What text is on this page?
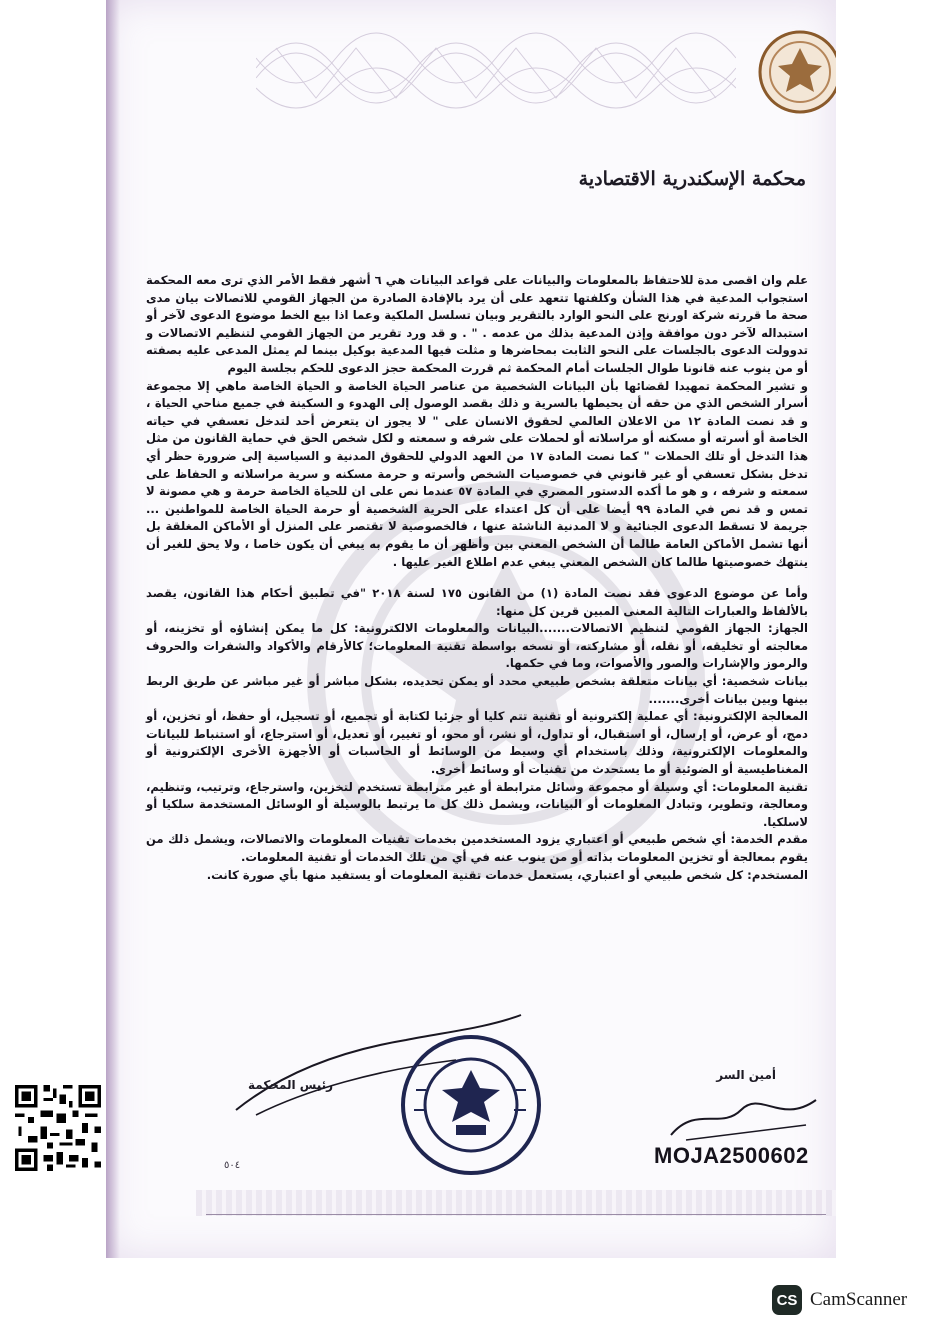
محكمة الإسكندرية الاقتصادية

علم وان اقصى مدة للاحتفاظ بالمعلومات والبيانات على قواعد البيانات هي ٦ أشهر فقط الأمر الذي ترى معه المحكمة استجواب المدعية في هذا الشأن وكلفتها تتعهد على أن يرد بالإفادة الصادرة من الجهاز القومي للاتصالات بيان مدى صحة ما قررته شركة اورنج على النحو الوارد بالتقرير وبيان تسلسل الملكية وعما اذا بيع الخط موضوع الدعوى لآخر أو استبداله لآخر دون موافقة وإذن المدعية بذلك من عدمه . " . و قد ورد تقرير من الجهاز القومي لتنظيم الاتصالات و تدوولت الدعوى بالجلسات على النحو الثابت بمحاضرها و مثلت فيها المدعية بوكيل بينما لم يمثل المدعى عليه بصفته أو من ينوب عنه قانونا طوال الجلسات أمام المحكمة ثم قررت المحكمة حجز الدعوى للحكم بجلسة اليوم

و تشير المحكمة تمهيدا لقضائها بأن البيانات الشخصية من عناصر الحياة الخاصة و الحياة الخاصة ماهي إلا مجموعة أسرار الشخص الذي من حقه أن يحيطها بالسرية و ذلك بقصد الوصول إلى الهدوء و السكينة في جميع مناحي الحياة ، و قد نصت المادة ١٢ من الاعلان العالمي لحقوق الانسان على " لا يجوز ان يتعرض أحد لتدخل تعسفي في حياته الخاصة أو أسرته أو مسكنه أو مراسلاته أو لحملات على شرفه و سمعته و لكل شخص الحق في حماية القانون من مثل هذا التدخل أو تلك الحملات " كما نصت المادة ١٧ من العهد الدولي للحقوق المدنية و السياسية إلى ضرورة حظر أي تدخل بشكل تعسفي أو غير قانوني في خصوصيات الشخص وأسرته و حرمة مسكنه و سرية مراسلاته و الحفاظ على سمعته و شرفه ، و هو ما أكده الدستور المصري في المادة ٥٧ عندما نص على ان للحياة الخاصة حرمة و هي مصونة لا تمس و قد نص في المادة ٩٩ أيضا على أن كل اعتداء على الحرية الشخصية أو حرمة الحياة الخاصة للمواطنين ... جريمة لا تسقط الدعوى الجنائية و لا المدنية الناشئة عنها ، فالخصوصية لا تقتصر على المنزل أو الأماكن المغلقة بل أنها تشمل الأماكن العامة طالما أن الشخص المعني بين وأظهر أن ما يقوم به يبغي أن يكون خاصا ، ولا يحق للغير أن ينتهك خصوصيتها طالما كان الشخص المعني يبغي عدم اطلاع الغير عليها .

وأما عن موضوع الدعوى فقد نصت المادة (١) من القانون ١٧٥ لسنة ٢٠١٨ "في تطبيق أحكام هذا القانون، يقصد بالألفاظ والعبارات التالية المعنى المبين قرين كل منها:

الجهاز: الجهاز القومي لتنظيم الاتصالات.......البيانات والمعلومات الالكترونية: كل ما يمكن إنشاؤه أو تخزينه، أو معالجته أو تخليقه، أو نقله، أو مشاركته، أو نسخه بواسطة تقنية المعلومات؛ كالأرقام والأكواد والشفرات والحروف والرموز والإشارات والصور والأصوات، وما في حكمها.

بيانات شخصية: أي بيانات متعلقة بشخص طبيعي محدد أو يمكن تحديده، بشكل مباشر أو غير مباشر عن طريق الربط بينها وبين بيانات أخرى.......

المعالجة الإلكترونية: أي عملية إلكترونية أو تقنية تتم كليا أو جزئيا لكتابة أو تجميع، أو تسجيل، أو حفظ، أو تخزين، أو دمج، أو عرض، أو إرسال، أو استقبال، أو تداول، أو نشر، أو محو، أو تغيير، أو تعديل، أو استرجاع، أو استنباط للبيانات والمعلومات الإلكترونية، وذلك باستخدام أي وسيط من الوسائط أو الحاسبات أو الأجهزة الأخرى الإلكترونية أو المغناطيسية أو الضوئية أو ما يستحدث من تقنيات أو وسائط أخرى.

تقنية المعلومات: أي وسيلة أو مجموعة وسائل مترابطة أو غير مترابطة تستخدم لتخزين، واسترجاع، وترتيب، وتنظيم، ومعالجة، وتطوير، وتبادل المعلومات أو البيانات، ويشمل ذلك كل ما يرتبط بالوسيلة أو الوسائل المستخدمة سلكيا أو لاسلكيا.

مقدم الخدمة: أي شخص طبيعي أو اعتباري يزود المستخدمين بخدمات تقنيات المعلومات والاتصالات، ويشمل ذلك من يقوم بمعالجة أو تخزين المعلومات بذاته أو من ينوب عنه في أي من تلك الخدمات أو تقنية المعلومات.

المستخدم: كل شخص طبيعي أو اعتباري، يستعمل خدمات تقنية المعلومات أو يستفيد منها بأي صورة كانت.

أمين السر
رئيس المحكمة
MOJA2500602
٥٠٤
CS CamScanner
